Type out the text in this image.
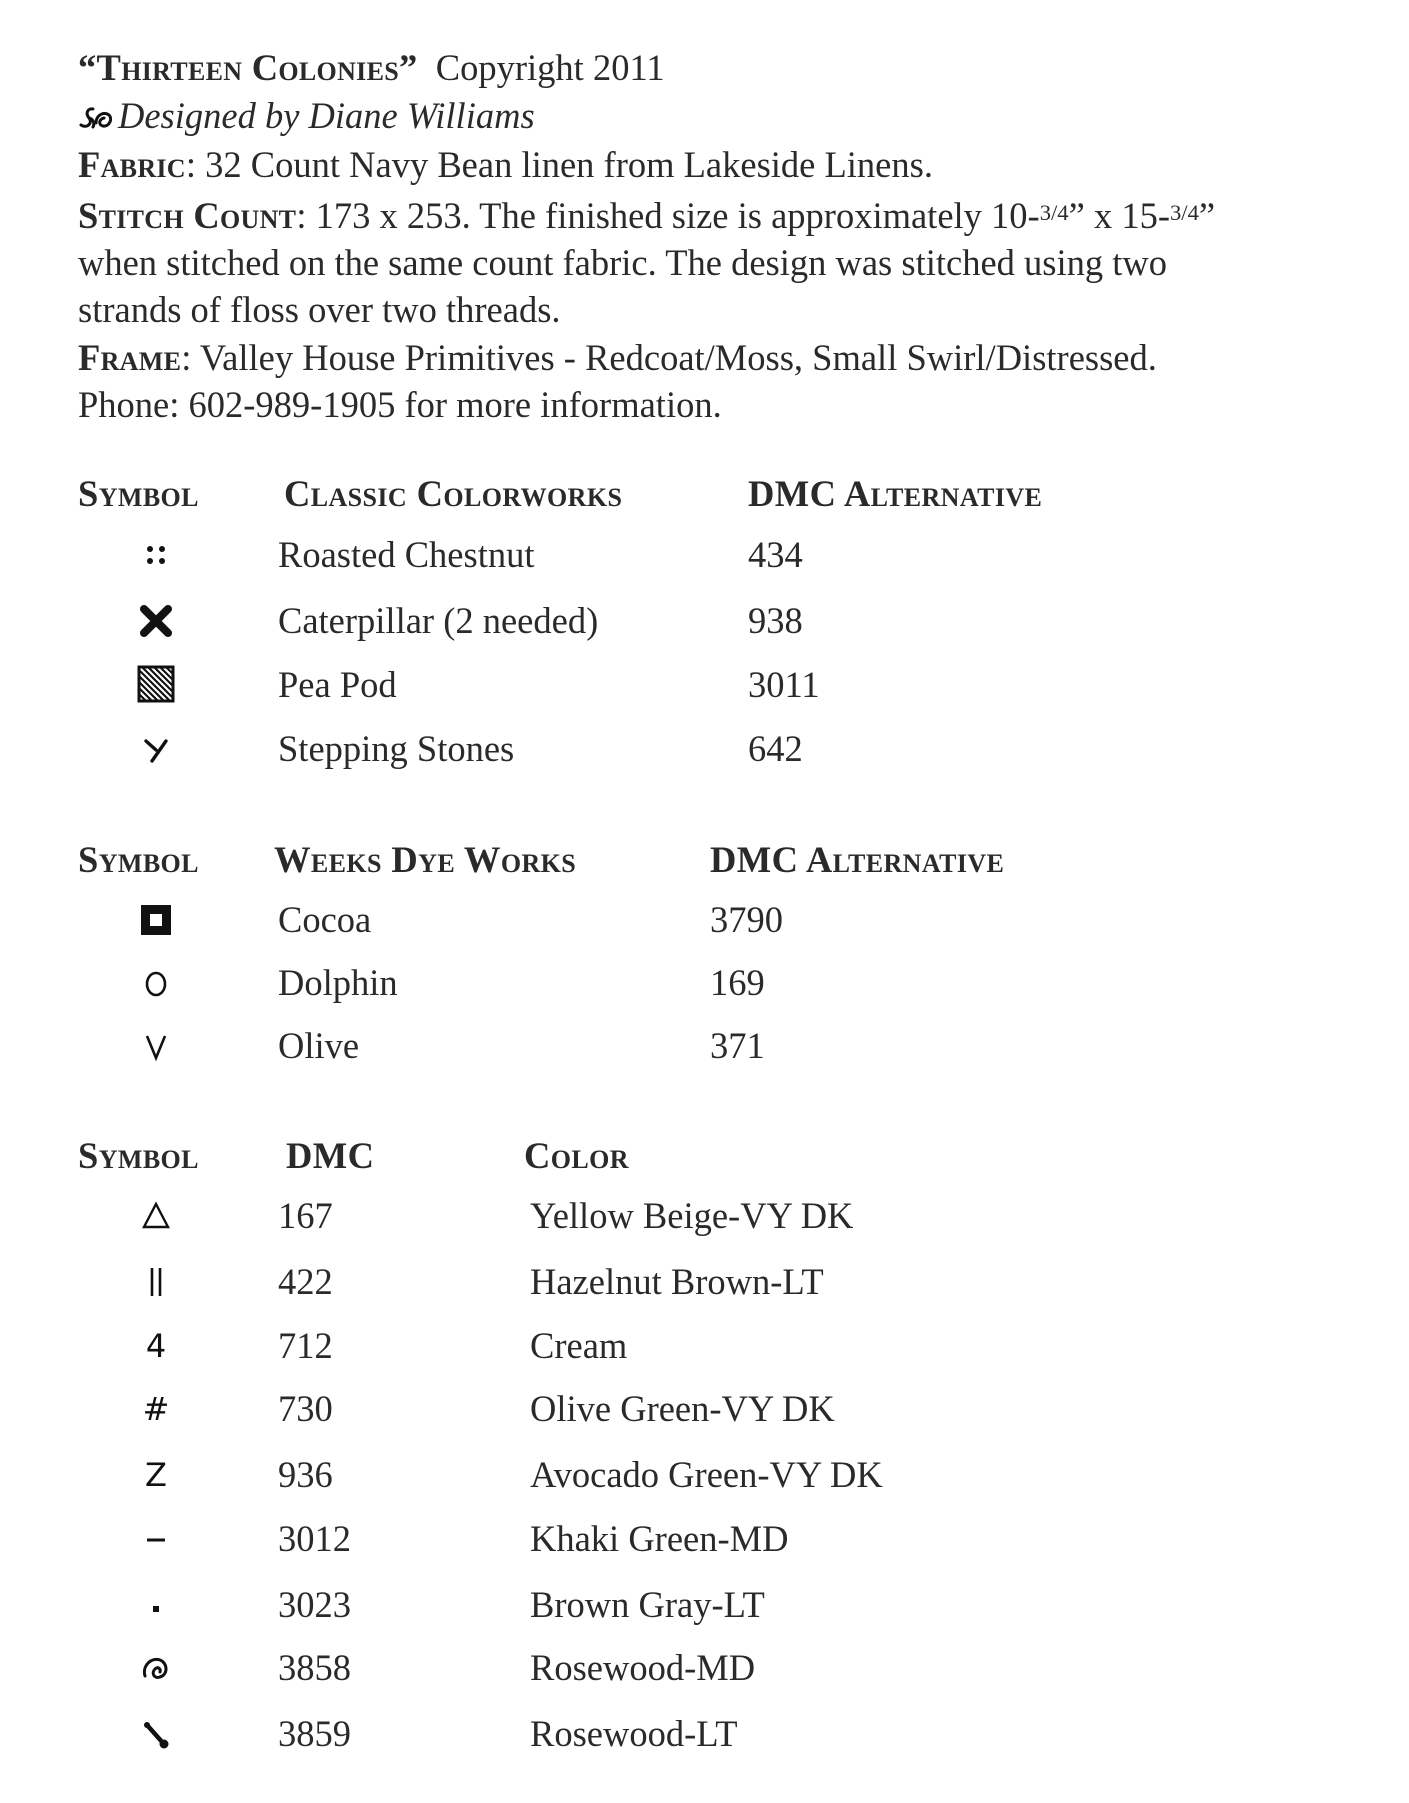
“Thirteen Colonies” Copyright 2011

Designed by Diane Williams

Fabric: 32 Count Navy Bean linen from Lakeside Linens.

Stitch Count: 173 x 253. The finished size is approximately 10-$^{3/4}$” x 15-$^{3/4}$”

when stitched on the same count fabric. The design was stitched using two

strands of floss over two threads.

Frame: Valley House Primitives - Redcoat/Moss, Small Swirl/Distressed.

Phone: 602-989-1905 for more information.

Symbol Classic Colorworks	DMC Alternative
Roasted Chestnut	434
Caterpillar (2 needed)	938
Pea Pod	3011
Stepping Stones	642
Symbol Weeks Dye Works	DMC Alternative
Cocoa	3790
Dolphin	169
Olive	371
Symbol DMC	Color
167	Yellow Beige-VY DK
422	Hazelnut Brown-LT
4	712	Cream
#	730	Olive Green-VY DK
Z	936	Avocado Green-VY DK
3012	Khaki Green-MD
3023	Brown Gray-LT
3858	Rosewood-MD
3859	Rosewood-LT
